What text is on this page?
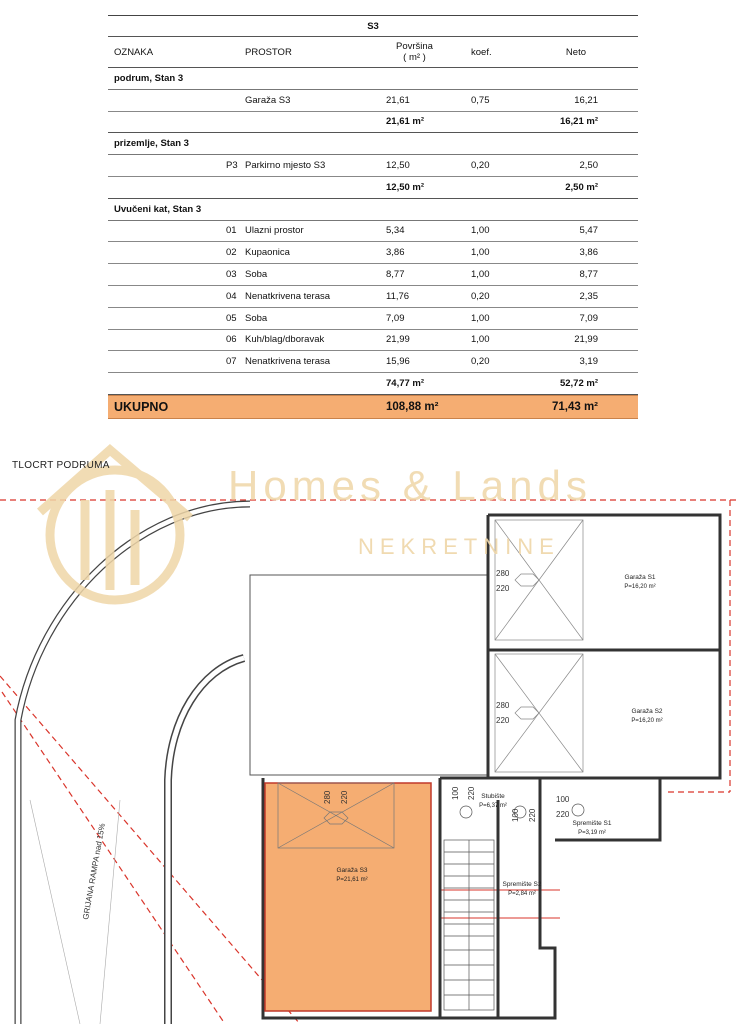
S3
OZNAKA	PROSTOR	Površina
( m² )	koef.	Neto
podrum, Stan 3
Garaža S3	21,61	0,75	16,21
21,61 m²	16,21 m²
prizemlje, Stan 3
P3 Parkirno mjesto S3	12,50	0,20	2,50
12,50 m²	2,50 m²
Uvučeni kat, Stan 3
01 Ulazni prostor	5,34	1,00	5,47
02 Kupaonica	3,86	1,00	3,86
03 Soba	8,77	1,00	8,77
04 Nenatkrivena terasa	11,76	0,20	2,35
05 Soba	7,09	1,00	7,09
06 Kuh/blag/dboravak	21,99	1,00	21,99
07 Nenatkrivena terasa	15,96	0,20	3,19
74,77 m²	52,72 m²
UKUPNO	108,88 m²	71,43 m²
GRIJANA RAMPA nad 15%
280 220
Garaža S3
P=21,61 m²
280
220
280
220
Garaža S1
P=16,20 m²
Garaža S2
P=16,20 m²
100 220 Stubište
P=6,37 m²
100 220
Spremište S2
P=2,84 m²
100
220
Spremište S1
P=3,19 m²
Homes & Lands
NEKRETNINE
TLOCRT PODRUMA
